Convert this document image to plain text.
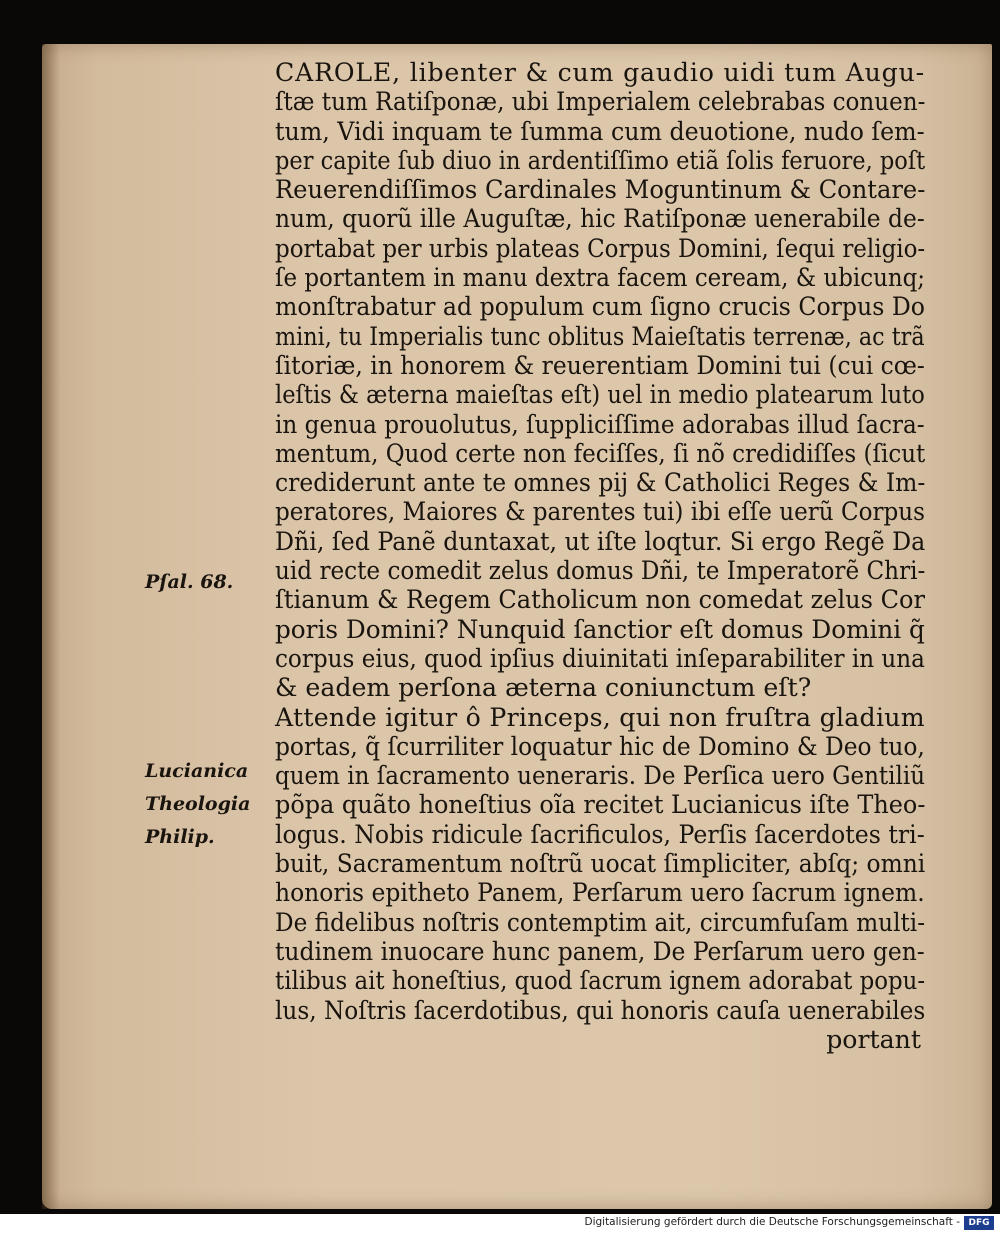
Pſal. 68.
Lucianica
Theologia
Philip.
CAROLE, libenter & cum gaudio uidi tum Augu-
ſtæ tum Ratiſponæ, ubi Imperialem celebrabas conuen-
tum, Vidi inquam te ſumma cum deuotione, nudo ſem-
per capite ſub diuo in ardentiſſimo etiã ſolis feruore, poſt
Reuerendiſſimos Cardinales Moguntinum & Contare-
num, quorũ ille Auguſtæ, hic Ratiſponæ uenerabile de-
portabat per urbis plateas Corpus Domini, ſequi religio-
ſe portantem in manu dextra facem ceream, & ubicunq;
monſtrabatur ad populum cum ſigno crucis Corpus Do
mini, tu Imperialis tunc oblitus Maieſtatis terrenæ, ac trã
ſitoriæ, in honorem & reuerentiam Domini tui (cui cœ-
leſtis & æterna maieſtas eſt) uel in medio platearum luto
in genua prouolutus, ſuppliciſſime adorabas illud ſacra-
mentum, Quod certe non feciſſes, ſi nõ credidiſſes (ſicut
crediderunt ante te omnes pij & Catholici Reges & Im-
peratores, Maiores & parentes tui) ibi eſſe uerũ Corpus
Dñi, ſed Panẽ duntaxat, ut iſte loqtur. Si ergo Regẽ Da
uid recte comedit zelus domus Dñi, te Imperatorẽ Chri-
ſtianum & Regem Catholicum non comedat zelus Cor
poris Domini? Nunquid ſanctior eſt domus Domini q̃
corpus eius, quod ipſius diuinitati inſeparabiliter in una
& eadem perſona æterna coniunctum eſt?
Attende igitur ô Princeps, qui non fruſtra gladium
portas, q̃ ſcurriliter loquatur hic de Domino & Deo tuo,
quem in ſacramento ueneraris. De Perſica uero Gentiliũ
põpa quãto honeſtius oĩa recitet Lucianicus iſte Theo-
logus. Nobis ridicule ſacrificulos, Perſis ſacerdotes tri-
buit, Sacramentum noſtrũ uocat ſimpliciter, abſq; omni
honoris epitheto Panem, Perſarum uero ſacrum ignem.
De fidelibus noſtris contemptim ait, circumfuſam multi-
tudinem inuocare hunc panem, De Perſarum uero gen-
tilibus ait honeſtius, quod ſacrum ignem adorabat popu-
lus, Noſtris ſacerdotibus, qui honoris cauſa uenerabiles
portant
Digitalisierung gefördert durch die Deutsche Forschungsgemeinschaft - DFG
